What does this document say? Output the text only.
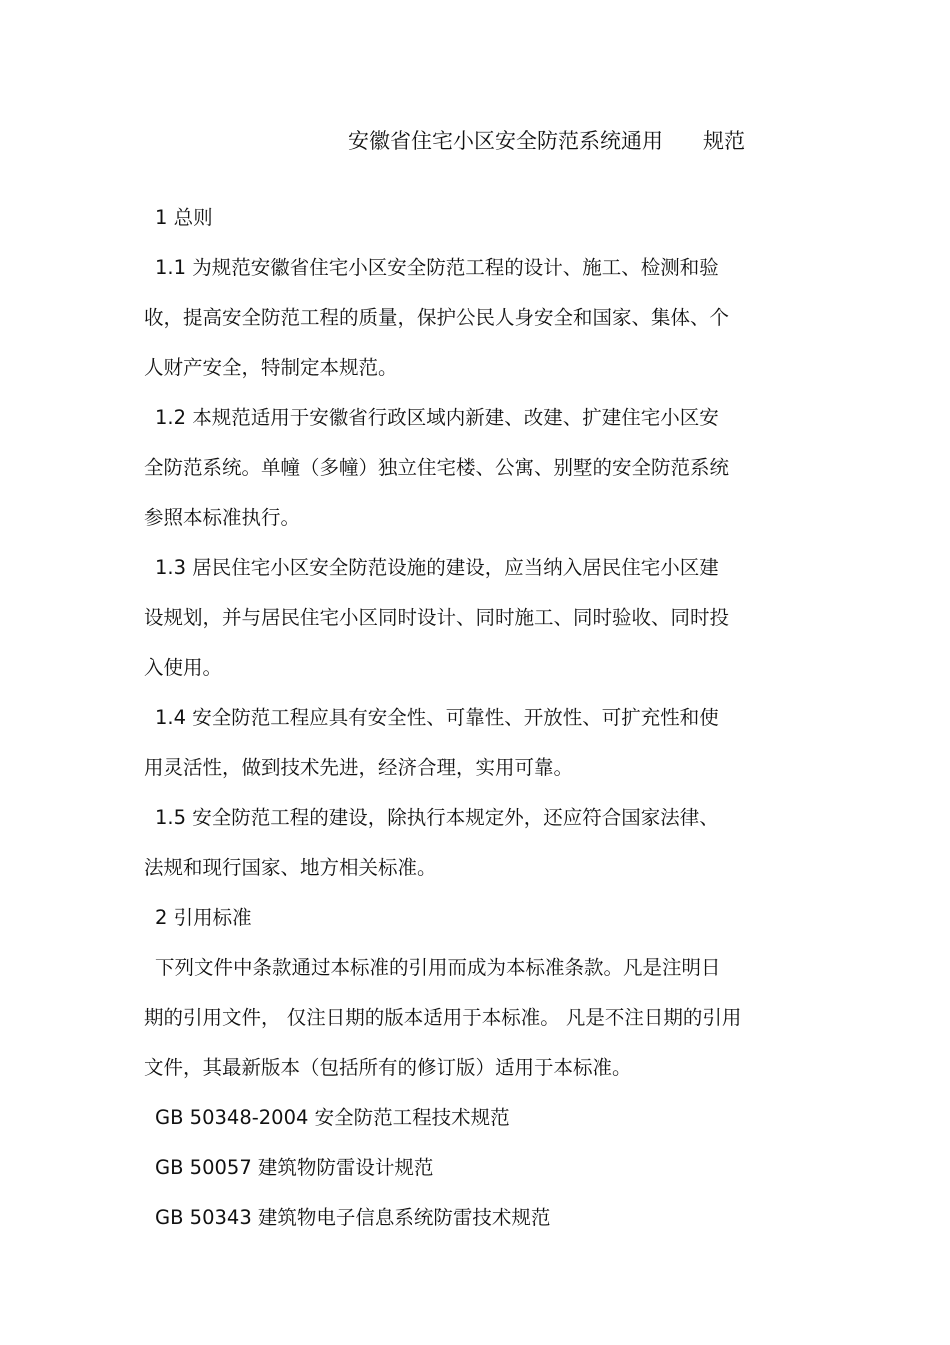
安徽省住宅小区安全防范系统通用 规范
1 总则
1.1 为规范安徽省住宅小区安全防范工程的设计、施工、检测和验
收，提高安全防范工程的质量，保护公民人身安全和国家、集体、个
人财产安全，特制定本规范。
1.2 本规范适用于安徽省行政区域内新建、改建、扩建住宅小区安
全防范系统。单幢（多幢）独立住宅楼、公寓、别墅的安全防范系统
参照本标准执行。
1.3 居民住宅小区安全防范设施的建设，应当纳入居民住宅小区建
设规划，并与居民住宅小区同时设计、同时施工、同时验收、同时投
入使用。
1.4 安全防范工程应具有安全性、可靠性、开放性、可扩充性和使
用灵活性，做到技术先进，经济合理，实用可靠。
1.5 安全防范工程的建设，除执行本规定外，还应符合国家法律、
法规和现行国家、地方相关标准。
2 引用标准
下列文件中条款通过本标准的引用而成为本标准条款。凡是注明日
期的引用文件， 仅注日期的版本适用于本标准。 凡是不注日期的引用
文件，其最新版本（包括所有的修订版）适用于本标准。
GB 50348-2004 安全防范工程技术规范
GB 50057 建筑物防雷设计规范
GB 50343 建筑物电子信息系统防雷技术规范
